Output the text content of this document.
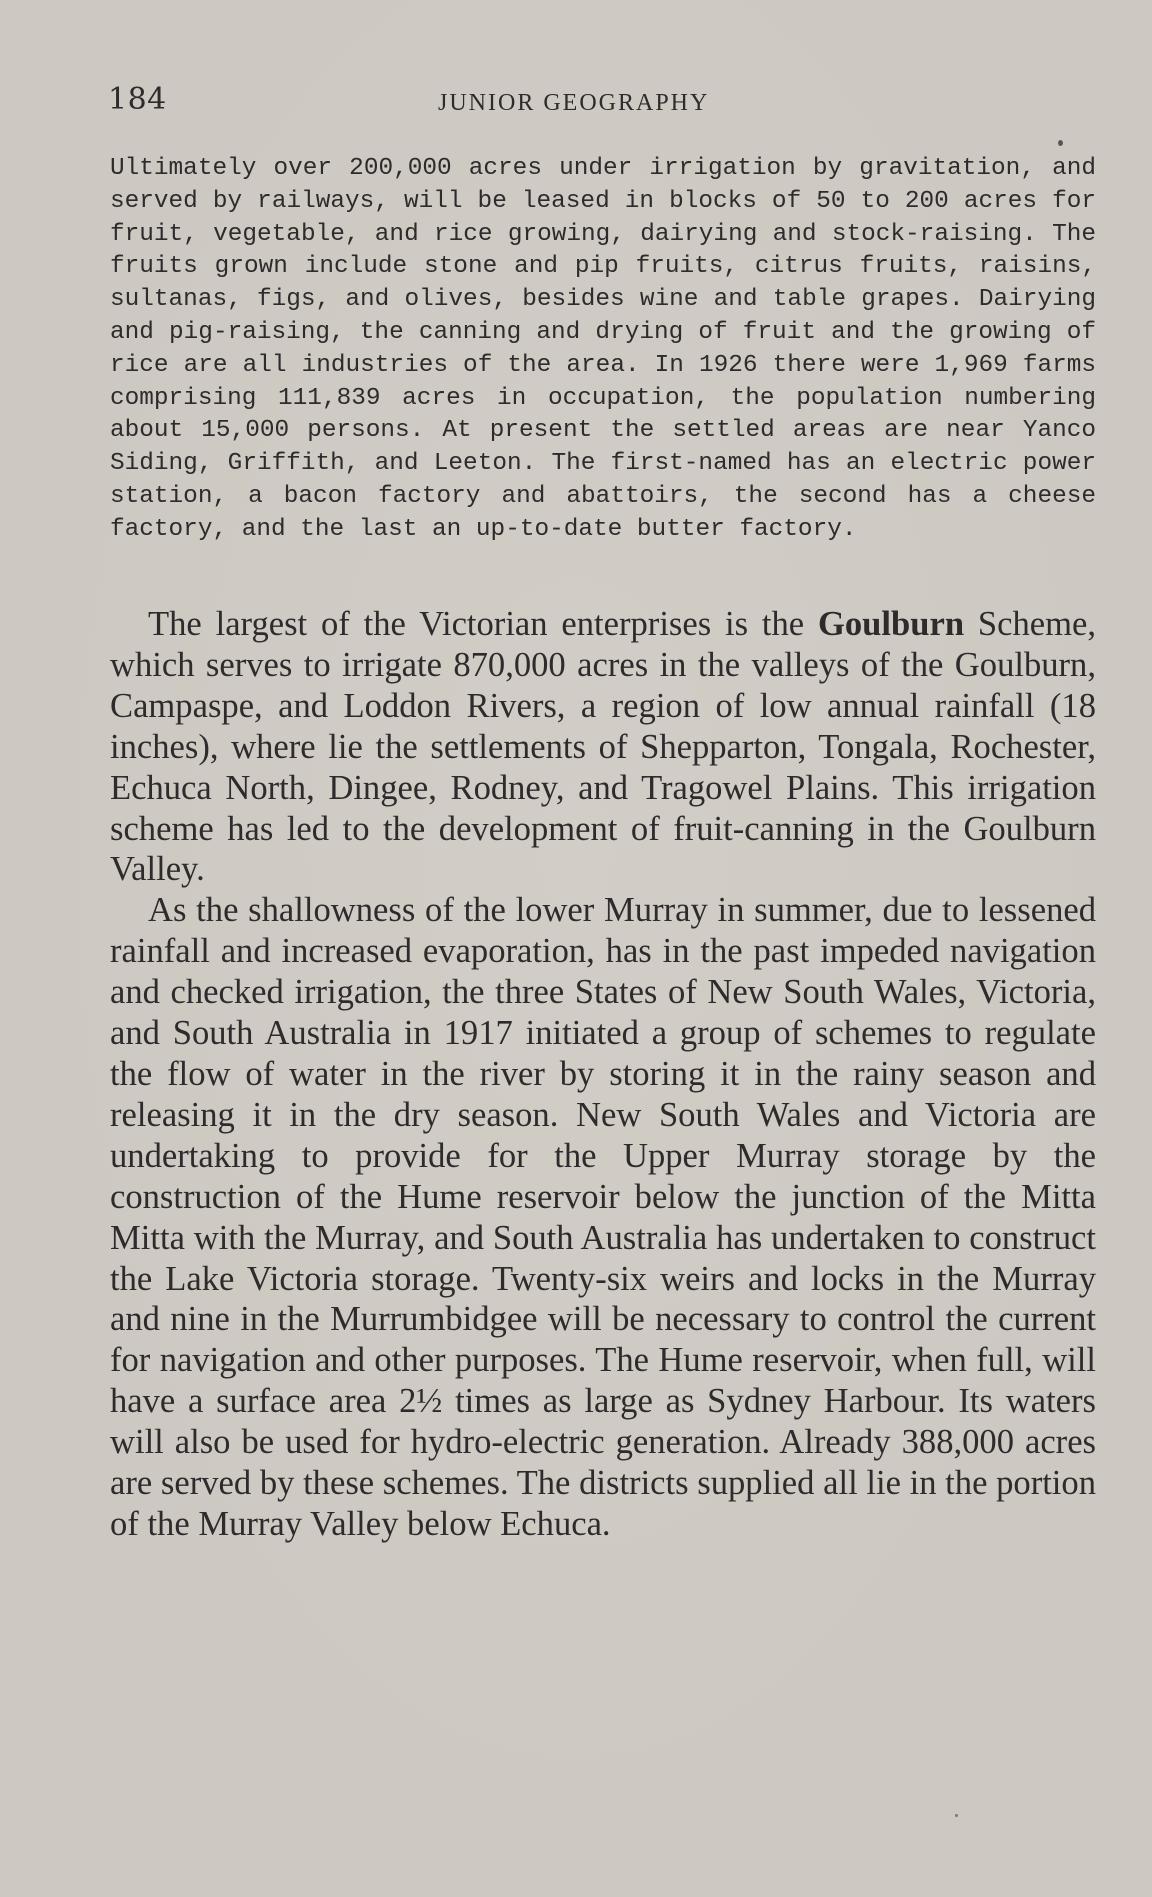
184	JUNIOR GEOGRAPHY
Ultimately over 200,000 acres under irrigation by gravitation, and served by railways, will be leased in blocks of 50 to 200 acres for fruit, vegetable, and rice growing, dairying and stock-raising. The fruits grown include stone and pip fruits, citrus fruits, raisins, sultanas, figs, and olives, besides wine and table grapes. Dairying and pig-raising, the canning and drying of fruit and the growing of rice are all industries of the area. In 1926 there were 1,969 farms comprising 111,839 acres in occupation, the population numbering about 15,000 persons. At present the settled areas are near Yanco Siding, Griffith, and Leeton. The first-named has an electric power station, a bacon factory and abattoirs, the second has a cheese factory, and the last an up-to-date butter factory.

The largest of the Victorian enterprises is the Goulburn Scheme, which serves to irrigate 870,000 acres in the valleys of the Goulburn, Campaspe, and Loddon Rivers, a region of low annual rainfall (18 inches), where lie the settlements of Shepparton, Tongala, Rochester, Echuca North, Dingee, Rodney, and Tragowel Plains. This irrigation scheme has led to the development of fruit-canning in the Goulburn Valley.

As the shallowness of the lower Murray in summer, due to lessened rainfall and increased evaporation, has in the past impeded navigation and checked irrigation, the three States of New South Wales, Victoria, and South Australia in 1917 initiated a group of schemes to regulate the flow of water in the river by storing it in the rainy season and releasing it in the dry season. New South Wales and Victoria are undertaking to provide for the Upper Murray storage by the construction of the Hume reservoir below the junction of the Mitta Mitta with the Murray, and South Australia has undertaken to construct the Lake Victoria storage. Twenty-six weirs and locks in the Murray and nine in the Murrumbidgee will be necessary to control the current for navigation and other purposes. The Hume reservoir, when full, will have a surface area 2½ times as large as Sydney Harbour. Its waters will also be used for hydro-electric generation. Already 388,000 acres are served by these schemes. The districts supplied all lie in the portion of the Murray Valley below Echuca.
